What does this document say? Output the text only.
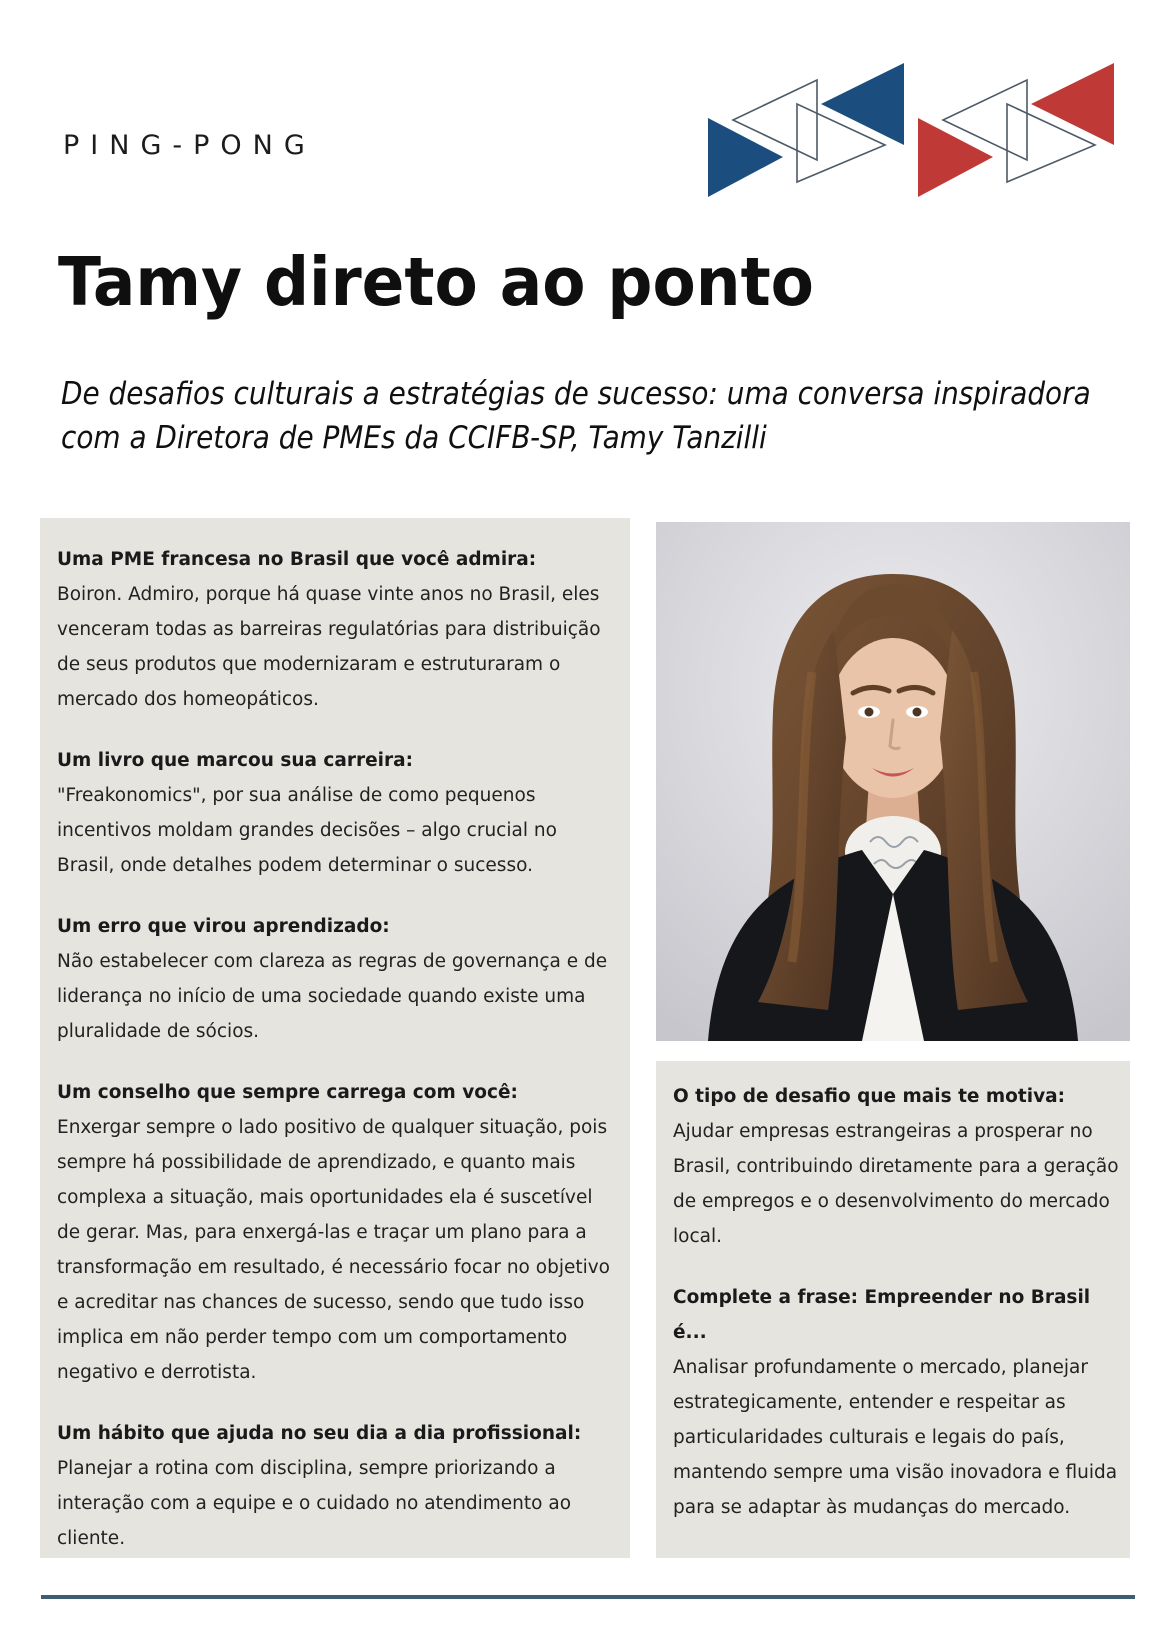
PING-PONG
Tamy direto ao ponto
De desafios culturais a estratégias de sucesso: uma conversa inspiradora com a Diretora de PMEs da CCIFB-SP, Tamy Tanzilli
Uma PME francesa no Brasil que você admira:
Boiron. Admiro, porque há quase vinte anos no Brasil, eles venceram todas as barreiras regulatórias para distribuição de seus produtos que modernizaram e estruturaram o mercado dos homeopáticos.
Um livro que marcou sua carreira:
"Freakonomics", por sua análise de como pequenos incentivos moldam grandes decisões – algo crucial no Brasil, onde detalhes podem determinar o sucesso.
Um erro que virou aprendizado:
Não estabelecer com clareza as regras de governança e de liderança no início de uma sociedade quando existe uma pluralidade de sócios.
Um conselho que sempre carrega com você:
Enxergar sempre o lado positivo de qualquer situação, pois sempre há possibilidade de aprendizado, e quanto mais complexa a situação, mais oportunidades ela é suscetível de gerar. Mas, para enxergá-las e traçar um plano para a transformação em resultado, é necessário focar no objetivo e acreditar nas chances de sucesso, sendo que tudo isso implica em não perder tempo com um comportamento negativo e derrotista.
Um hábito que ajuda no seu dia a dia profissional:
Planejar a rotina com disciplina, sempre priorizando a interação com a equipe e o cuidado no atendimento ao cliente.
O tipo de desafio que mais te motiva:
Ajudar empresas estrangeiras a prosperar no Brasil, contribuindo diretamente para a geração de empregos e o desenvolvimento do mercado local.
Complete a frase: Empreender no Brasil é...
Analisar profundamente o mercado, planejar estrategicamente, entender e respeitar as particularidades culturais e legais do país, mantendo sempre uma visão inovadora e fluida para se adaptar às mudanças do mercado.
